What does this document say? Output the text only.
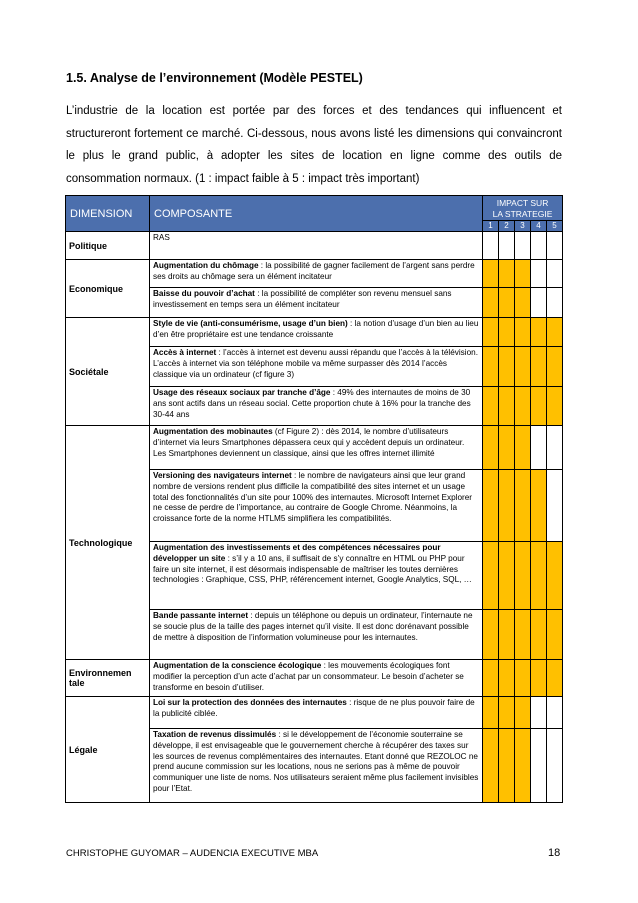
1.5. Analyse de l’environnement (Modèle PESTEL)
L’industrie de la location est portée par des forces et des tendances qui influencent et structureront fortement ce marché. Ci-dessous, nous avons listé les dimensions qui convaincront le plus le grand public, à adopter les sites de location en ligne comme des outils de consommation normaux. (1 : impact faible à 5 : impact très important)
DIMENSION	COMPOSANTE	IMPACT SUR
LA STRATEGIE				
		1	2	3	4	5
Politique	RAS					
Economique	Augmentation du chômage : la possibilité de gagner facilement de l’argent sans perdre ses droits au chômage sera un élément incitateur					
	Baisse du pouvoir d’achat : la possibilité de compléter son revenu mensuel sans investissement en temps sera un élément incitateur					
Sociétale	Style de vie (anti-consumérisme, usage d’un bien) : la notion d’usage d’un bien au lieu d’en être propriétaire est une tendance croissante					
	Accès à internet : l’accès à internet est devenu aussi répandu que l’accès à la télévision. L’accès à internet via son téléphone mobile va même surpasser dès 2014 l’accès classique via un ordinateur (cf figure 3)					
	Usage des réseaux sociaux par tranche d’âge : 49% des internautes de moins de 30 ans sont actifs dans un réseau social. Cette proportion chute à 16% pour la tranche des 30-44 ans					
Technologique	Augmentation des mobinautes (cf Figure 2) : dès 2014, le nombre d’utilisateurs d’internet via leurs Smartphones dépassera ceux qui y accèdent depuis un ordinateur. Les Smartphones deviennent un classique, ainsi que les offres internet illimité					
	Versioning des navigateurs internet : le nombre de navigateurs ainsi que leur grand nombre de versions rendent plus difficile la compatibilité des sites internet et un usage total des fonctionnalités d’un site pour 100% des internautes. Microsoft Internet Explorer ne cesse de perdre de l’importance, au contraire de Google Chrome. Néanmoins, la croissance forte de la norme HTLM5 simplifiera les compatibilités.					
	Augmentation des investissements et des compétences nécessaires pour développer un site : s’il y a 10 ans, il suffisait de s’y connaître en HTML ou PHP pour faire un site internet, il est désormais indispensable de maîtriser les toutes dernières technologies : Graphique, CSS, PHP, référencement internet, Google Analytics, SQL, …					
	Bande passante internet : depuis un téléphone ou depuis un ordinateur, l’internaute ne se soucie plus de la taille des pages internet qu’il visite. Il est donc dorénavant possible de mettre à disposition de l’information volumineuse pour les internautes.					
Environnemen tale	Augmentation de la conscience écologique : les mouvements écologiques font modifier la perception d’un acte d’achat par un consommateur. Le besoin d’acheter se transforme en besoin d’utiliser.					
Légale	Loi sur la protection des données des internautes : risque de ne plus pouvoir faire de la publicité ciblée.					
	Taxation de revenus dissimulés : si le développement de l’économie souterraine se développe, il est envisageable que le gouvernement cherche à récupérer des taxes sur les sources de revenus complémentaires des internautes. Etant donné que REZOLOC ne prend aucune commission sur les locations, nous ne serions pas à même de pouvoir communiquer une liste de noms. Nos utilisateurs seraient même plus facilement invisibles pour l’Etat.					
CHRISTOPHE GUYOMAR – AUDENCIA EXECUTIVE MBA	18
